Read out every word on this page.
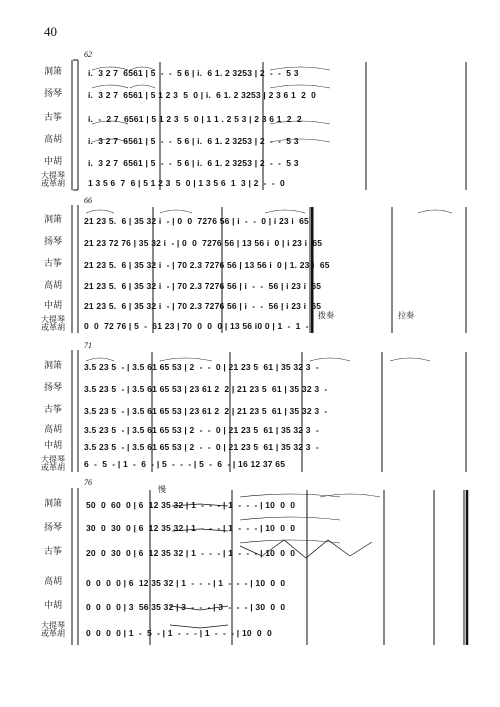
40
62
洞箫
扬琴
古筝
高胡
中胡
大提琴
或革胡
i.  3 2 7  6561 | 5  -  -  5 6 | i.  6 1. 2 3253 | 2  -  -  5 3
i.  3 2 7  6561 | 5 1 2 3  5  0 | i.  6 1. 2 3253 | 2 3 6 1  2  0
i.  -  2 7  6561 | 5 1 2 3  5  0 | 1 1 . 2 5 3 | 2 3 6 1  2  2
i.  3 2 7  6561 | 5  -  -  5 6 | i.  6 1. 2 3253 | 2  -  -  5 3
i.  3 2 7  6561 | 5  -  -  5 6 | i.  6 1. 2 3253 | 2  -  -  5 3
1 3 5 6  7  6 | 5 1 2 3  5  0 | 1 3 5 6  1  3 | 2  -  -  0
66
洞箫
扬琴
古筝
高胡
中胡
大提琴
或革胡
21 23 5.  6 | 35 32 i  - | 0  0  7276 56 | i  -  -  0 | i 23 i  65
21 23 72 76 | 35 32 i  - | 0  0  7276 56 | 13 56 i  0 | i 23 i  65
21 23 5.  6 | 35 32 i  - | 70 2.3 7276 56 | 13 56 i  0 | 1. 23 i  65
21 23 5.  6 | 35 32 i  - | 70 2.3 7276 56 | i  -  -  56 | i 23 i  65
21 23 5.  6 | 35 32 i  - | 70 2.3 7276 56 | i  -  -  56 | i 23 i  65
0  0  72 76 | 5  -  61 23 | 70  0  0  0 | 13 56 i0 0 | 1  -  1  -
拨奏	拉奏
71
洞箫
扬琴
古筝
高胡
中胡
大提琴
或革胡
3.5 23 5  - | 3.5 61 65 53 | 2  -  -  0 | 21 23 5  61 | 35 32 3  -
3.5 23 5  - | 3.5 61 65 53 | 23 61 2  2 | 21 23 5  61 | 35 32 3  -
3.5 23 5  - | 3.5 61 65 53 | 23 61 2  2 | 21 23 5  61 | 35 32 3  -
3.5 23 5  - | 3.5 61 65 53 | 2  -  -  0 | 21 23 5  61 | 35 32 3  -
3.5 23 5  - | 3.5 61 65 53 | 2  -  -  0 | 21 23 5  61 | 35 32 3  -
6  -  5  - | 1  -  6  - | 5  -  -  - | 5  -  6  - | 16 12 37 65
76
洞箫
扬琴
古筝
高胡
中胡
大提琴
或革胡
50  0  60  0 | 6  12 35 32 | 1  -  -  - | 1  -  -  - | 10  0  0
30  0  30  0 | 6  12 35 32 | 1  -  -  - | 1  -  -  - | 10  0  0
20  0  30  0 | 6  12 35 32 | 1  -  -  - | 1  -  -  - | 10  0  0
0  0  0  0 | 6  12 35 32 | 1  -  -  - | 1  -  -  - | 10  0  0
0  0  0  0 | 3  56 35 32 | 3  -  -  - | 3  -  -  - | 30  0  0
0  0  0  0 | 1  -  5  - | 1  -  -  - | 1  -  -  - | 10  0  0
慢
